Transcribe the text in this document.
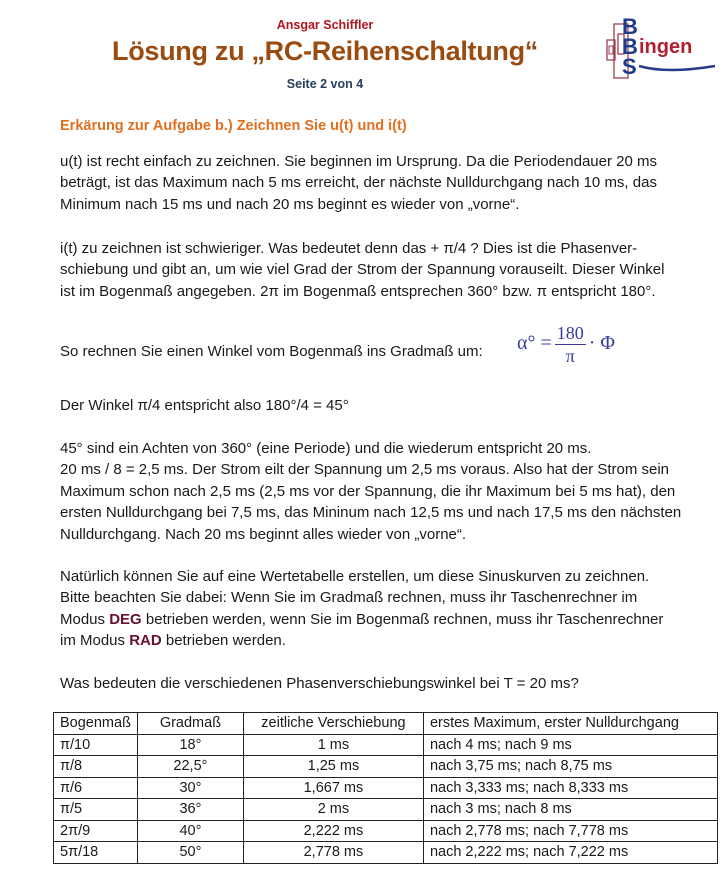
Ansgar Schiffler
Lösung zu „RC-Reihenschaltung“
Seite 2 von 4
B
B
S
ingen
Erkärung zur Aufgabe b.) Zeichnen Sie u(t) und i(t)
u(t) ist recht einfach zu zeichnen. Sie beginnen im Ursprung. Da die Periodendauer 20 ms
beträgt, ist das Maximum nach 5 ms erreicht, der nächste Nulldurchgang nach 10 ms, das
Minimum nach 15 ms und nach 20 ms beginnt es wieder von „vorne“.
i(t) zu zeichnen ist schwieriger. Was bedeutet denn das + π/4 ? Dies ist die Phasenver-
schiebung und gibt an, um wie viel Grad der Strom der Spannung vorauseilt. Dieser Winkel
ist im Bogenmaß angegeben. 2π im Bogenmaß entsprechen 360° bzw. π entspricht 180°.
So rechnen Sie einen Winkel vom Bogenmaß ins Gradmaß um:	$\alpha^\circ = \frac{180}{\pi} \cdot \Phi$
Der Winkel π/4 entspricht also 180°/4 = 45°
45° sind ein Achten von 360° (eine Periode) und die wiederum entspricht 20 ms.
20 ms / 8 = 2,5 ms. Der Strom eilt der Spannung um 2,5 ms voraus. Also hat der Strom sein
Maximum schon nach 2,5 ms (2,5 ms vor der Spannung, die ihr Maximum bei 5 ms hat), den
ersten Nulldurchgang bei 7,5 ms, das Mininum nach 12,5 ms und nach 17,5 ms den nächsten
Nulldurchgang. Nach 20 ms beginnt alles wieder von „vorne“.
Natürlich können Sie auf eine Wertetabelle erstellen, um diese Sinuskurven zu zeichnen.
Bitte beachten Sie dabei: Wenn Sie im Gradmaß rechnen, muss ihr Taschenrechner im
Modus DEG betrieben werden, wenn Sie im Bogenmaß rechnen, muss ihr Taschenrechner
im Modus RAD betrieben werden.
Was bedeuten die verschiedenen Phasenverschiebungswinkel bei T = 20 ms?
Bogenmaß	Gradmaß	zeitliche Verschiebung	erstes Maximum, erster Nulldurchgang
π/10	18°	1 ms	nach 4 ms; nach 9 ms
π/8	22,5°	1,25 ms	nach 3,75 ms; nach 8,75 ms
π/6	30°	1,667 ms	nach 3,333 ms; nach 8,333 ms
π/5	36°	2 ms	nach 3 ms; nach 8 ms
2π/9	40°	2,222 ms	nach 2,778 ms; nach 7,778 ms
5π/18	50°	2,778 ms	nach 2,222 ms; nach 7,222 ms
